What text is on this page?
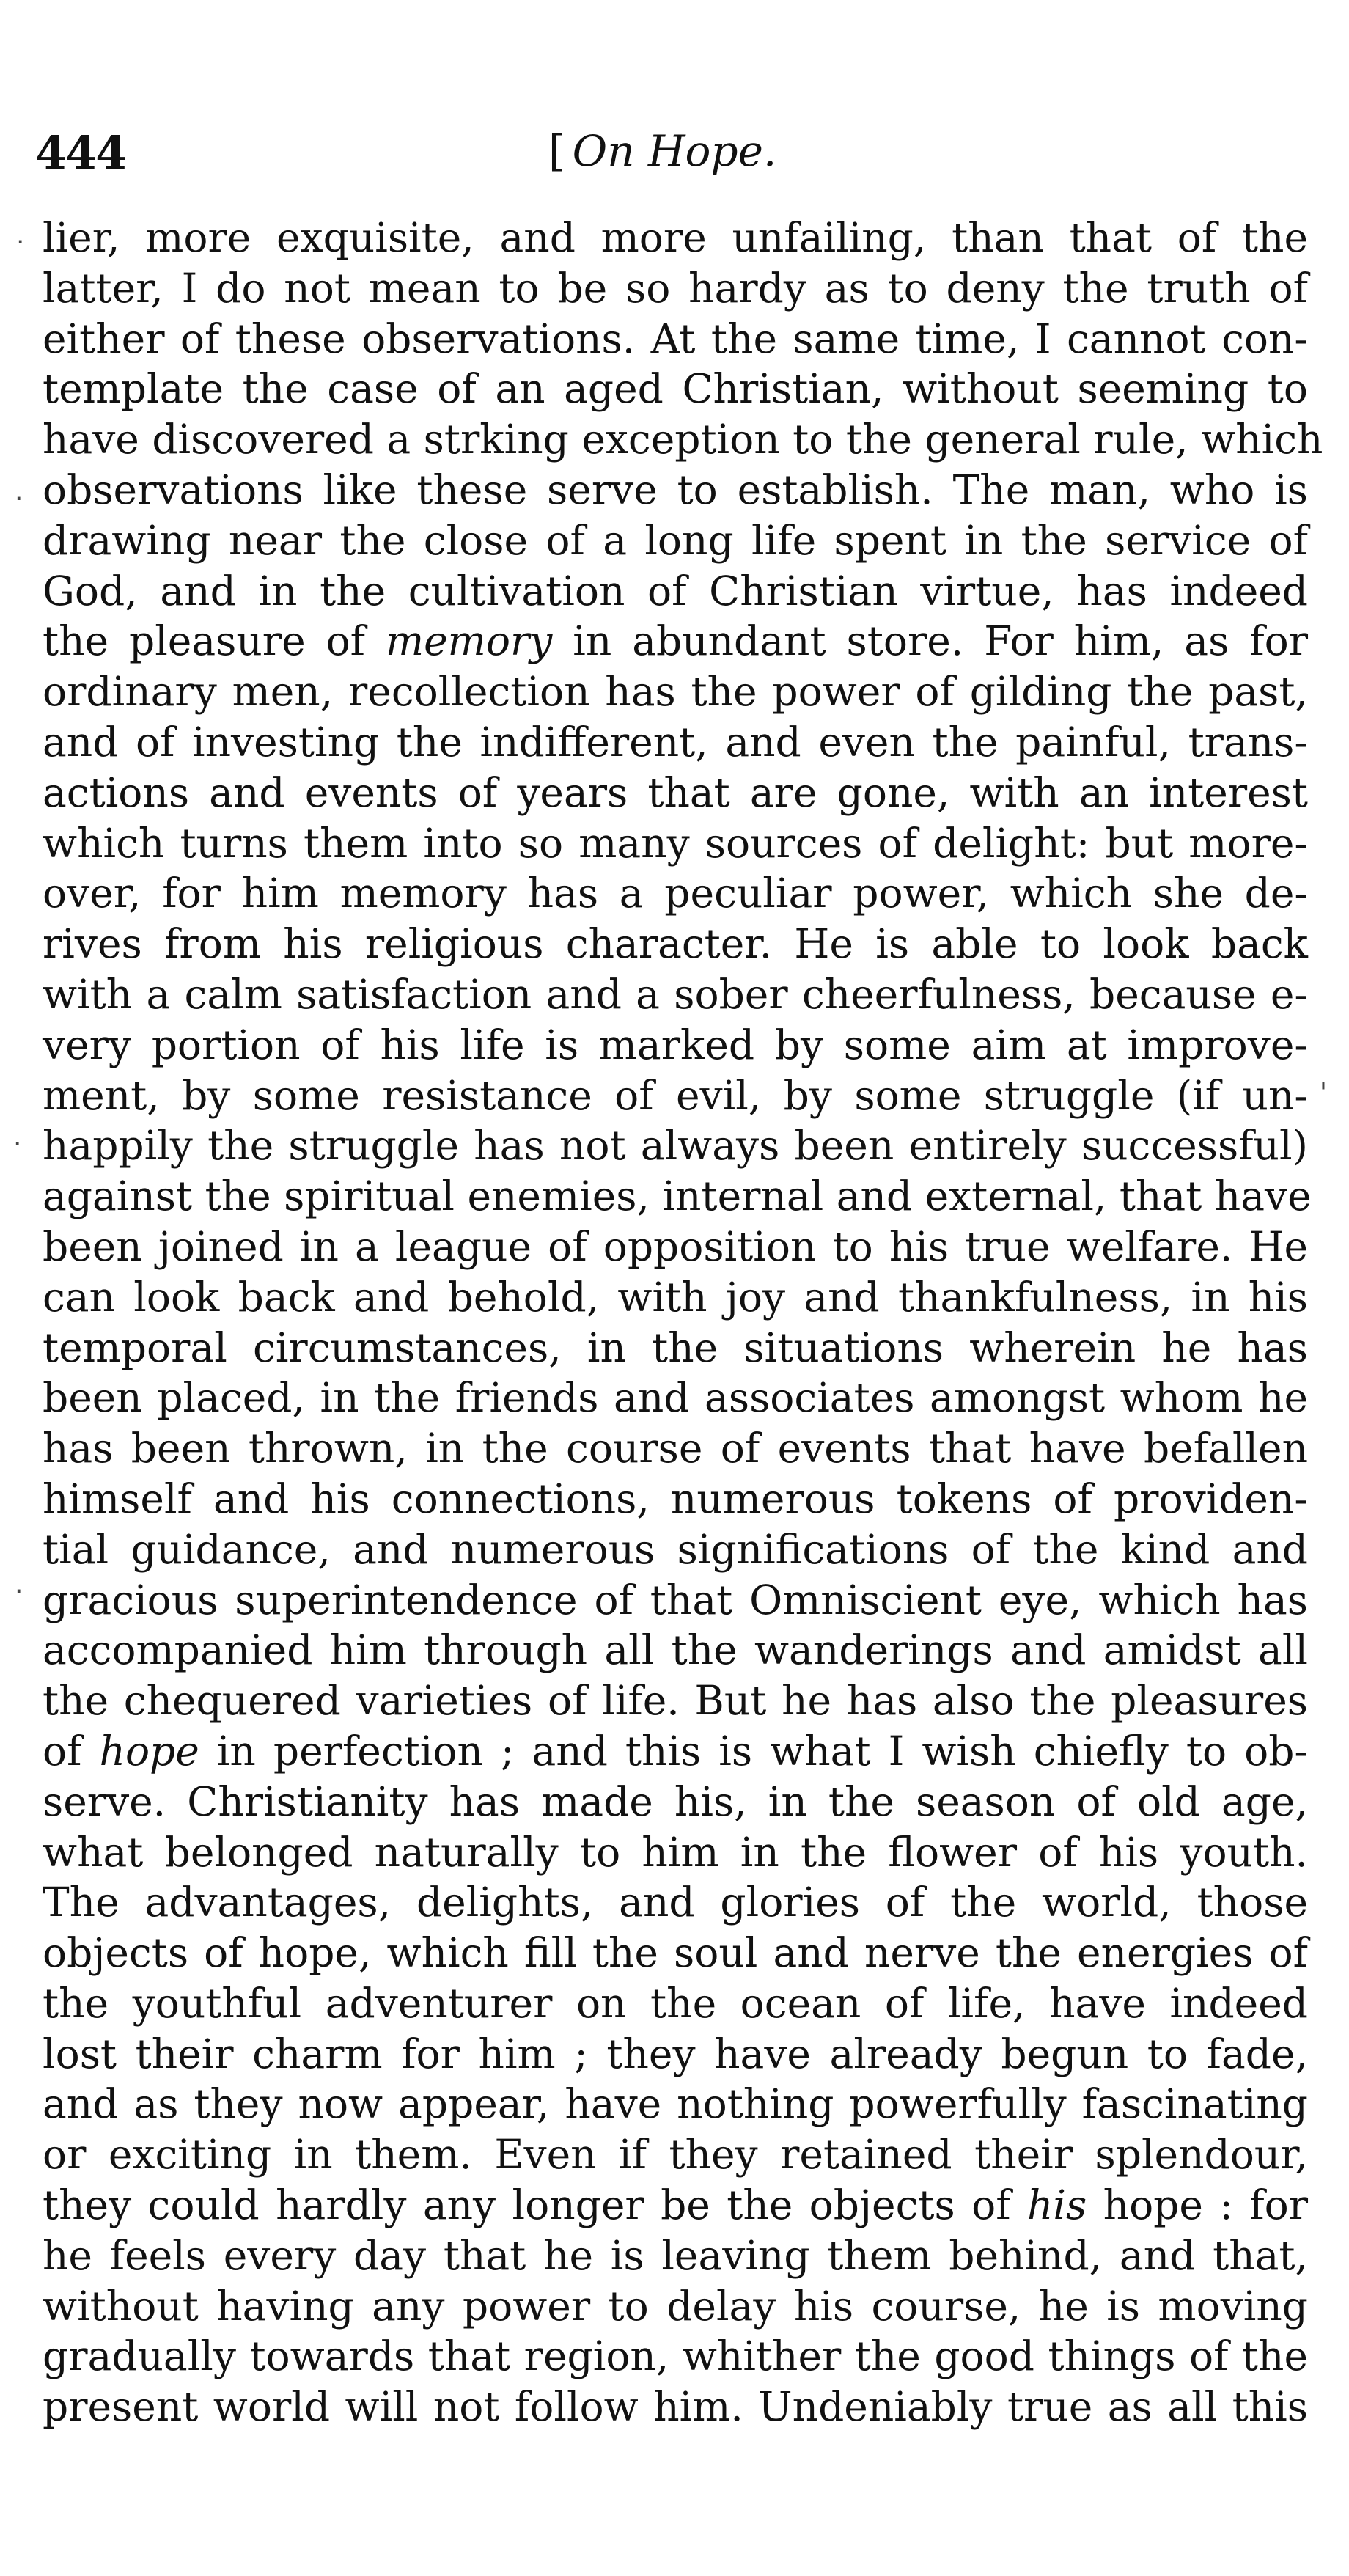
444	[ On Hope.
lier, more exquisite, and more unfailing, than that of the
latter, I do not mean to be so hardy as to deny the truth of
either of these observations. At the same time, I cannot con-
template the case of an aged Christian, without seeming to
have discovered a strking exception to the general rule, which
observations like these serve to establish. The man, who is
drawing near the close of a long life spent in the service of
God, and in the cultivation of Christian virtue, has indeed
the pleasure of memory in abundant store. For him, as for
ordinary men, recollection has the power of gilding the past,
and of investing the indifferent, and even the painful, trans-
actions and events of years that are gone, with an interest
which turns them into so many sources of delight: but more-
over, for him memory has a peculiar power, which she de-
rives from his religious character. He is able to look back
with a calm satisfaction and a sober cheerfulness, because e-
very portion of his life is marked by some aim at improve-
ment, by some resistance of evil, by some struggle (if un-
happily the struggle has not always been entirely successful)
against the spiritual enemies, internal and external, that have
been joined in a league of opposition to his true welfare. He
can look back and behold, with joy and thankfulness, in his
temporal circumstances, in the situations wherein he has
been placed, in the friends and associates amongst whom he
has been thrown, in the course of events that have befallen
himself and his connections, numerous tokens of providen-
tial guidance, and numerous significations of the kind and
gracious superintendence of that Omniscient eye, which has
accompanied him through all the wanderings and amidst all
the chequered varieties of life. But he has also the pleasures
of hope in perfection ; and this is what I wish chiefly to ob-
serve. Christianity has made his, in the season of old age,
what belonged naturally to him in the flower of his youth.
The advantages, delights, and glories of the world, those
objects of hope, which fill the soul and nerve the energies of
the youthful adventurer on the ocean of life, have indeed
lost their charm for him ; they have already begun to fade,
and as they now appear, have nothing powerfully fascinating
or exciting in them. Even if they retained their splendour,
they could hardly any longer be the objects of his hope : for
he feels every day that he is leaving them behind, and that,
without having any power to delay his course, he is moving
gradually towards that region, whither the good things of the
present world will not follow him. Undeniably true as all this
·
·
·
·
'
